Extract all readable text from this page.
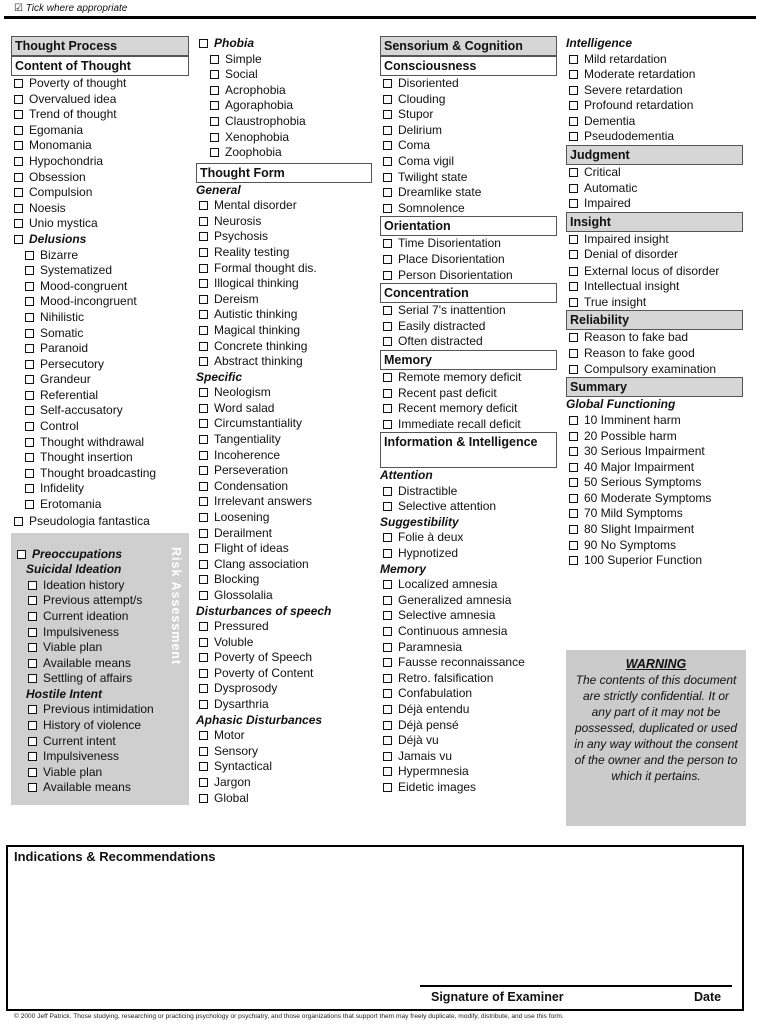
☑ Tick where appropriate
Thought Process
Content of Thought
Poverty of thought
Overvalued idea
Trend of thought
Egomania
Monomania
Hypochondria
Obsession
Compulsion
Noesis
Unio mystica
Delusions
Bizarre
Systematized
Mood-congruent
Mood-incongruent
Nihilistic
Somatic
Paranoid
Persecutory
Grandeur
Referential
Self-accusatory
Control
Thought withdrawal
Thought insertion
Thought broadcasting
Infidelity
Erotomania
Pseudologia fantastica
Risk Assessment
Preoccupations
Suicidal Ideation
Ideation history
Previous attempt/s
Current ideation
Impulsiveness
Viable plan
Available means
Settling of affairs
Hostile Intent
Previous intimidation
History of violence
Current intent
Impulsiveness
Viable plan
Available means
Phobia
Simple
Social
Acrophobia
Agoraphobia
Claustrophobia
Xenophobia
Zoophobia
Thought Form
General
Mental disorder
Neurosis
Psychosis
Reality testing
Formal thought dis.
Illogical thinking
Dereism
Autistic thinking
Magical thinking
Concrete thinking
Abstract thinking
Specific
Neologism
Word salad
Circumstantiality
Tangentiality
Incoherence
Perseveration
Condensation
Irrelevant answers
Loosening
Derailment
Flight of ideas
Clang association
Blocking
Glossolalia
Disturbances of speech
Pressured
Voluble
Poverty of Speech
Poverty of Content
Dysprosody
Dysarthria
Aphasic Disturbances
Motor
Sensory
Syntactical
Jargon
Global
Sensorium & Cognition
Consciousness
Disoriented
Clouding
Stupor
Delirium
Coma
Coma vigil
Twilight state
Dreamlike state
Somnolence
Orientation
Time Disorientation
Place Disorientation
Person Disorientation
Concentration
Serial 7's inattention
Easily distracted
Often distracted
Memory
Remote memory deficit
Recent past deficit
Recent memory deficit
Immediate recall deficit
Information & Intelligence
Attention
Distractible
Selective attention
Suggestibility
Folie à deux
Hypnotized
Memory
Localized amnesia
Generalized amnesia
Selective amnesia
Continuous amnesia
Paramnesia
Fausse reconnaissance
Retro. falsification
Confabulation
Déjà entendu
Déjà pensé
Déjà vu
Jamais vu
Hypermnesia
Eidetic images
Intelligence
Mild retardation
Moderate retardation
Severe retardation
Profound retardation
Dementia
Pseudodementia
Judgment
Critical
Automatic
Impaired
Insight
Impaired insight
Denial of disorder
External locus of disorder
Intellectual insight
True insight
Reliability
Reason to fake bad
Reason to fake good
Compulsory examination
Summary
Global Functioning
10 Imminent harm
20 Possible harm
30 Serious Impairment
40 Major Impairment
50 Serious Symptoms
60 Moderate Symptoms
70 Mild Symptoms
80 Slight Impairment
90 No Symptoms
100 Superior Function
WARNING
The contents of this document are strictly confidential. It or any part of it may not be possessed, duplicated or used in any way without the consent of the owner and the person to which it pertains.
Indications & Recommendations
Signature of Examiner	Date
© 2000 Jeff Patrick. Those studying, researching or practicing psychology or psychiatry, and those organizations that support them may freely duplicate, modify, distribute, and use this form.
